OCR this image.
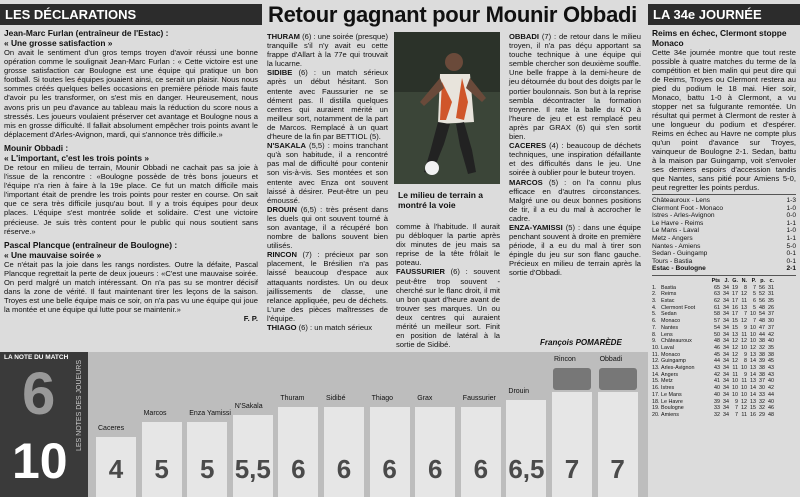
LES DÉCLARATIONS
Jean-Marc Furlan (entraîneur de l'Estac) :
« Une grosse satisfaction »
On avait le sentiment d'un gros temps troyen d'avoir réussi une bonne opération comme le soulignait Jean-Marc Furlan : « Cette victoire est une grosse satisfaction car Boulogne est une équipe qui pratique un bon football. Si toutes les équipes jouaient ainsi, ce serait un plaisir. Nous nous sommes créés quelques belles occasions en première période mais faute d'avoir pu les transformer, on s'est mis en danger. Heureusement, nous avons pris un peu d'avance au tableau mais la réduction du score nous a stressés. Les joueurs voulaient préserver cet avantage et Boulogne nous a mis en grosse difficulté. Il fallait absolument empêcher trois points avant le déplacement d'Arles-Avignon, mardi, qui s'annonce très difficile.»
Mounir Obbadi :
« L'important, c'est les trois points »
De retour en milieu de terrain, Mounir Obbadi ne cachait pas sa joie à l'issue de la rencontre : «Boulogne possède de très bons joueurs et l'équipe n'a rien à faire à la 19e place. Ce fut un match difficile mais l'important était de prendre les trois points pour rester en course. On sait que ce sera très difficile jusqu'au bout. Il y a trois équipes pour deux places. L'équipe s'est montrée solide et solidaire. C'est une victoire précieuse. Je suis très content pour le public qui nous soutient sans réserve.»
Pascal Plancque (entraîneur de Boulogne) :
« Une mauvaise soirée »
Ce n'était pas la joie dans les rangs nordistes. Outre la défaite, Pascal Plancque regrettait la perte de deux joueurs : «C'est une mauvaise soirée. On perd malgré un match intéressant. On n'a pas su se montrer décisif dans la zone de vérité. Il faut maintenant tirer les leçons de la saison. Troyes est une belle équipe mais ce soir, on n'a pas vu une équipe qui joue la montée et une équipe qui lutte pour se maintenir.»
F. P.
Retour gagnant pour Mounir Obbadi
THURAM (6) : une soirée (presque) tranquille s'il n'y avait eu cette frappe d'Allart à la 77e qui trouvait la lucarne.
SIDIBE (6) : un match sérieux après un début hésitant. Son entente avec Faussurier ne se dément pas. Il distilla quelques centres qui auraient mérité un meilleur sort, notamment de la part de Marcos. Remplacé à un quart d'heure de la fin par BETTIOL (5).
N'SAKALA (5,5) : moins tranchant qu'à son habitude, il a rencontré pas mal de difficulté pour contenir son vis-à-vis. Ses montées et son entente avec Enza ont souvent laissé à désirer. Peut-être un peu émoussé.
DROUIN (6,5) : très présent dans les duels qui ont souvent tourné à son avantage, il a récupéré bon nombre de ballons souvent bien utilisés.
RINCON (7) : précieux par son placement, le Brésilien n'a pas laissé beaucoup d'espace aux attaquants nordistes. Un ou deux jaillissements de classe, une relance appliquée, peu de déchets. L'une des pièces maîtresses de l'équipe.
THIAGO (6) : un match sérieux
Le milieu de terrain a montré la voie
comme à l'habitude. Il aurait pu débloquer la partie après dix minutes de jeu mais sa reprise de la tête frôlait le poteau.
FAUSSURIER (6) : souvent peut-être trop souvent - cherché sur le flanc droit, il mit un bon quart d'heure avant de trouver ses marques. Un ou deux centres qui auraient mérité un meilleur sort. Finit en position de latéral à la sortie de Sidibé.
OBBADI (7) : de retour dans le milieu troyen, il n'a pas déçu apportant sa touche technique à une équipe qui semble chercher son deuxième souffle. Une belle frappe à la demi-heure de jeu détournée du bout des doigts par le portier boulonnais. Son but à la reprise sembla décontracter la formation troyenne. Il rate la balle du KO à l'heure de jeu et est remplacé peu après par GRAX (6) qui s'en sortit bien.
CACERES (4) : beaucoup de déchets techniques, une inspiration défaillante et des difficultés dans le jeu. Une soirée à oublier pour le buteur troyen.
MARCOS (5) : on l'a connu plus efficace en d'autres circonstances. Malgré une ou deux bonnes positions de tir, il a eu du mal à accrocher le cadre.
ENZA-YAMISSI (5) : dans une équipe penchant souvent à droite en première période, il a eu du mal à tirer son épingle du jeu sur son flanc gauche. Précieux en milieu de terrain après la sortie d'Obbadi.
François POMARÈDE
LA 34e JOURNÉE
Reims en échec, Clermont stoppe Monaco
Cette 34e journée montre que tout reste possible à quatre matches du terme de la compétition et bien malin qui peut dire qui de Reims, Troyes ou Clermont restera au pied du podium le 18 mai. Hier soir, Monaco, battu 1-0 à Clermont, a vu stopper net sa fulgurante remontée. Un résultat qui permet à Clermont de rester à une longueur du podium et d'espérer. Reims en échec au Havre ne compte plus qu'un point d'avance sur Troyes, vainqueur de Boulogne 2-1. Sedan, battu à la maison par Guingamp, voit s'envoler ses derniers espoirs d'accession tandis que Nantes, sans pitié pour Amiens 5-0, peut regretter les points perdus.
Châteauroux - Lens	1-3
Clermont Foot - Monaco	1-0
Istres - Arles-Avignon	0-0
Le Havre - Reims	1-1
Le Mans - Laval	1-0
Metz - Angers	1-1
Nantes - Amiens	5-0
Sedan - Guingamp	0-1
Tours - Bastia	0-1
Estac - Boulogne	2-1
Pts J. G. N. P. p. c.
1. Bastia	65 34 19	8	7 56 31
2. Reims	63 34 17 12	5 52 31
3. Estac	62 34 17 11	6 56 35
4. Clermont Foot	61 34 16 13	5 48 26
5. Sedan	58 34 17	7 10 54 37
6. Monaco	57 34 15 12	7 48 30
7. Nantes	54 34 15	9 10 47 37
8. Lens	50 34 13 11 10 44 42
9. Châteauroux	48 34 12 12 10 38 40
10. Laval	46 34 12 10 12 32 35
11. Monaco	45 34 12	9 13 38 38
12. Guingamp	44 34 12	8 14 39 45
13. Arles-Avignon	43 34 11 10 13 38 43
14. Angers	42 34 11	9 14 38 43
15. Metz	41 34 10 11 13 37 40
16. Istres	40 34 10 10 14 30 42
17. Le Mans	40 34 10 10 14 33 44
18. Le Havre	39 34	9 12 13 32 40
19. Boulogne	33 34	7 12 15 32 46
20. Amiens	32 34	7 11 16 29 48
LA NOTE DU MATCH
6
10
LES NOTES DES JOUEURS Caceres
4
Marcos
5
Enza Yamissi
5
N'Sakala
5,5
Thuram
6
Sidibé
6
Thiago
6
Grax
6
Faussurier
6
Drouin
6,5
Rincon
7
Obbadi
7
